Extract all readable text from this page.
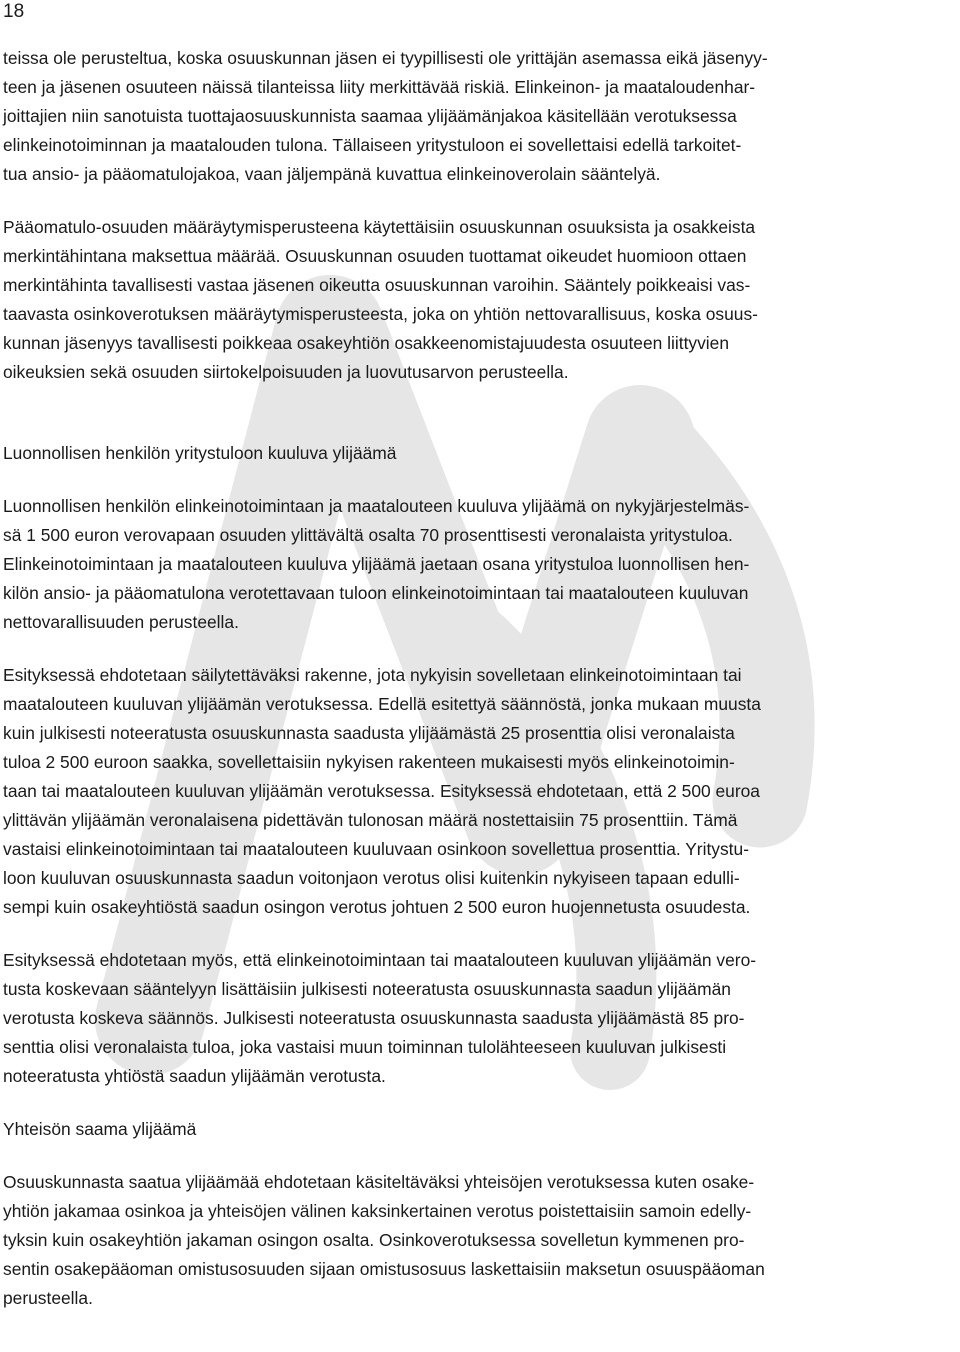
18
teissa ole perusteltua, koska osuuskunnan jäsen ei tyypillisesti ole yrittäjän asemassa eikä jäsenyy-
teen ja jäsenen osuuteen näissä tilanteissa liity merkittävää riskiä. Elinkeinon- ja maataloudenhar-
joittajien niin sanotuista tuottajaosuuskunnista saamaa ylijäämänjakoa käsitellään verotuksessa
elinkeinotoiminnan ja maatalouden tulona. Tällaiseen yritystuloon ei sovellettaisi edellä tarkoitet-
tua ansio- ja pääomatulojakoa, vaan jäljempänä kuvattua elinkeinoverolain sääntelyä.
Pääomatulo-osuuden määräytymisperusteena käytettäisiin osuuskunnan osuuksista ja osakkeista
merkintähintana maksettua määrää. Osuuskunnan osuuden tuottamat oikeudet huomioon ottaen
merkintähinta tavallisesti vastaa jäsenen oikeutta osuuskunnan varoihin. Sääntely poikkeaisi vas-
taavasta osinkoverotuksen määräytymisperusteesta, joka on yhtiön nettovarallisuus, koska osuus-
kunnan jäsenyys tavallisesti poikkeaa osakeyhtiön osakkeenomistajuudesta osuuteen liittyvien
oikeuksien sekä osuuden siirtokelpoisuuden ja luovutusarvon perusteella.
Luonnollisen henkilön yritystuloon kuuluva ylijäämä
Luonnollisen henkilön elinkeinotoimintaan ja maatalouteen kuuluva ylijäämä on nykyjärjestelmäs-
sä 1 500 euron verovapaan osuuden ylittävältä osalta 70 prosenttisesti veronalaista yritystuloa.
Elinkeinotoimintaan ja maatalouteen kuuluva ylijäämä jaetaan osana yritystuloa luonnollisen hen-
kilön ansio- ja pääomatulona verotettavaan tuloon elinkeinotoimintaan tai maatalouteen kuuluvan
nettovarallisuuden perusteella.
Esityksessä ehdotetaan säilytettäväksi rakenne, jota nykyisin sovelletaan elinkeinotoimintaan tai
maatalouteen kuuluvan ylijäämän verotuksessa. Edellä esitettyä säännöstä, jonka mukaan muusta
kuin julkisesti noteeratusta osuuskunnasta saadusta ylijäämästä 25 prosenttia olisi veronalaista
tuloa 2 500 euroon saakka, sovellettaisiin nykyisen rakenteen mukaisesti myös elinkeinotoimin-
taan tai maatalouteen kuuluvan ylijäämän verotuksessa. Esityksessä ehdotetaan, että 2 500 euroa
ylittävän ylijäämän veronalaisena pidettävän tulonosan määrä nostettaisiin 75 prosenttiin. Tämä
vastaisi elinkeinotoimintaan tai maatalouteen kuuluvaan osinkoon sovellettua prosenttia. Yritystu-
loon kuuluvan osuuskunnasta saadun voitonjaon verotus olisi kuitenkin nykyiseen tapaan edulli-
sempi kuin osakeyhtiöstä saadun osingon verotus johtuen 2 500 euron huojennetusta osuudesta.
Esityksessä ehdotetaan myös, että elinkeinotoimintaan tai maatalouteen kuuluvan ylijäämän vero-
tusta koskevaan sääntelyyn lisättäisiin julkisesti noteeratusta osuuskunnasta saadun ylijäämän
verotusta koskeva säännös. Julkisesti noteeratusta osuuskunnasta saadusta ylijäämästä 85 pro-
senttia olisi veronalaista tuloa, joka vastaisi muun toiminnan tulolähteeseen kuuluvan julkisesti
noteeratusta yhtiöstä saadun ylijäämän verotusta.
Yhteisön saama ylijäämä
Osuuskunnasta saatua ylijäämää ehdotetaan käsiteltäväksi yhteisöjen verotuksessa kuten osake-
yhtiön jakamaa osinkoa ja yhteisöjen välinen kaksinkertainen verotus poistettaisiin samoin edelly-
tyksin kuin osakeyhtiön jakaman osingon osalta. Osinkoverotuksessa sovelletun kymmenen pro-
sentin osakepääoman omistusosuuden sijaan omistusosuus laskettaisiin maksetun osuuspääoman
perusteella.
